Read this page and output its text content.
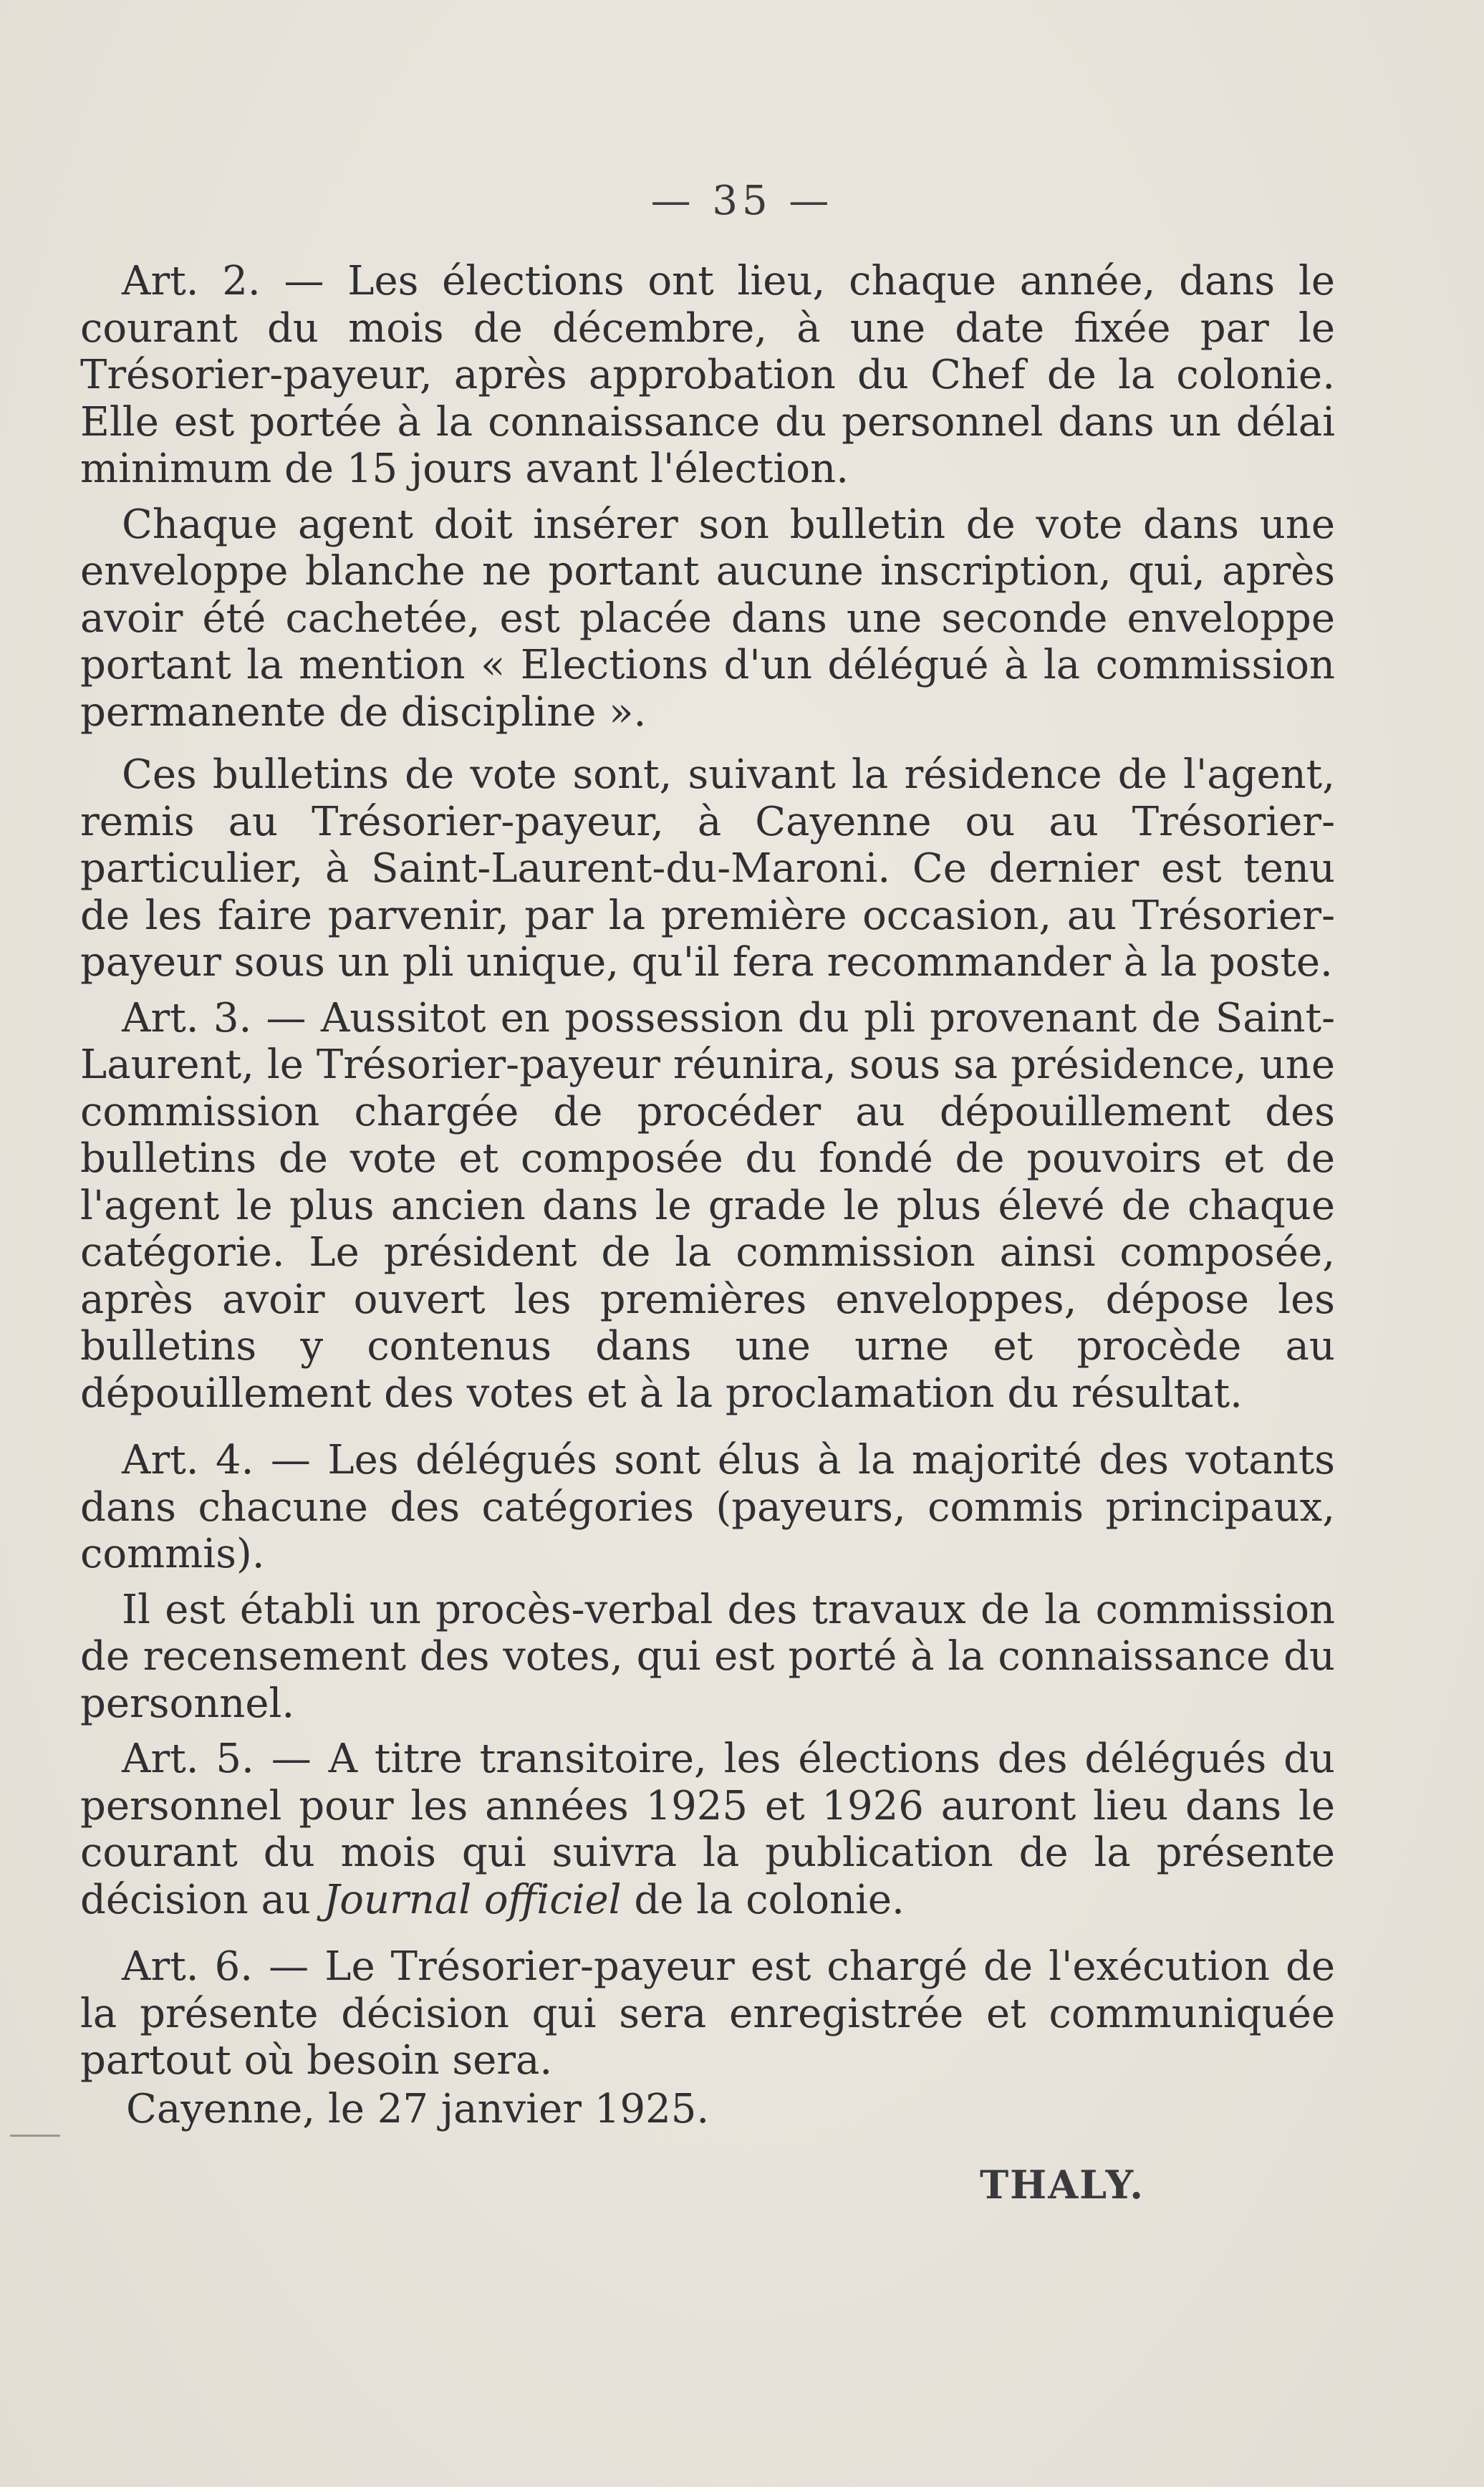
— 35 —

Art. 2. — Les élections ont lieu, chaque année, dans le courant du mois de décembre, à une date fixée par le Trésorier-payeur, après approbation du Chef de la colonie. Elle est portée à la connaissance du personnel dans un délai minimum de 15 jours avant l'élection.

Chaque agent doit insérer son bulletin de vote dans une enveloppe blanche ne portant aucune inscription, qui, après avoir été cachetée, est placée dans une seconde enveloppe portant la mention « Elections d'un délégué à la commission permanente de discipline ».

Ces bulletins de vote sont, suivant la résidence de l'agent, remis au Trésorier-payeur, à Cayenne ou au Trésorier-particulier, à Saint-Laurent-du-Maroni. Ce dernier est tenu de les faire parvenir, par la première occasion, au Trésorier-payeur sous un pli unique, qu'il fera recommander à la poste.

Art. 3. — Aussitot en possession du pli provenant de Saint-Laurent, le Trésorier-payeur réunira, sous sa présidence, une commission chargée de procéder au dépouillement des bulletins de vote et composée du fondé de pouvoirs et de l'agent le plus ancien dans le grade le plus élevé de chaque catégorie. Le président de la commission ainsi composée, après avoir ouvert les premières enveloppes, dépose les bulletins y contenus dans une urne et procède au dépouillement des votes et à la proclamation du résultat.

Art. 4. — Les délégués sont élus à la majorité des votants dans chacune des catégories (payeurs, commis principaux, commis).

Il est établi un procès-verbal des travaux de la commission de recensement des votes, qui est porté à la connaissance du personnel.

Art. 5. — A titre transitoire, les élections des délégués du personnel pour les années 1925 et 1926 auront lieu dans le courant du mois qui suivra la publication de la présente décision au Journal officiel de la colonie.

Art. 6. — Le Trésorier-payeur est chargé de l'exécution de la présente décision qui sera enregistrée et communiquée partout où besoin sera.

Cayenne, le 27 janvier 1925.
THALY.
